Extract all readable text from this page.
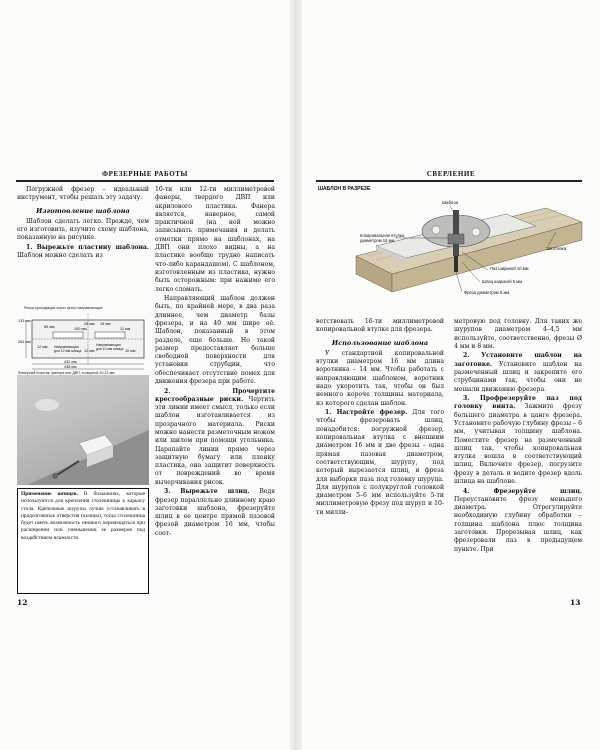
ФРЕЗЕРНЫЕ РАБОТЫ

Погружной фрезер – идеальный инструмент, чтобы решать эту задачу.

Изготовление шаблона

Шаблон сделать легко. Прежде, чем его изготовить, изучите схему шаблона, показанную на рисунке.

1. Вырежьте пластину шаблона. Шаблон можно сделать из

Риска проходящая через центр направляющих
133 мм
264 мм
89 мм
28 мм
100 мм
19 мм
11 мм
12 мм Направляющая для 12 мм шпица
Направляющая для 10 мм шпица
12 мм	10 мм
432 мм
438 мм
Фанерный пластик, фанера или ДВП, толщиной 10-12 мм

Применение шпицев. В большинах, которые используются для крепления столешницы к каркасу стола. Крепежные шурупы лучше устанавливать в продолговатые отверстия (шлицы), тогда столешница будет иметь возможность немного перемещаться при расширении или уменьшении ее размеров под воздействием влажности

10-ти или 12-ти миллиметровой фанеры, твердого ДВП или акрилового пластика. Фанера является, наверное, самой практичной (на ней можно записывать примечания и делать отметки прямо на шаблонах, на ДВП они плохо видны, а на пластике вообще трудно написать что-либо карандашом). С шаблоном, изготовленным из пластика, нужно быть осторожным: при нажиме его легко сломать.

Направляющий шаблон должен быть, по крайней мере, в два раза длиннее, чем диаметр базы фрезера, и на 40 мм шире её. Шаблон, показанный в этом разделе, еще больше. Но такой размер предоставляет больше свободной поверхности для установки струбцин, что обеспечивает отсутствие помех для движения фрезера при работе.

2. Прочертите крестообразные риски. Чертить эти линии имеет смысл, только если шаблон изготавливается из прозрачного материала. Риски можно нанести разметочным ножом или шилом при помощи угольника. Царапайте линии прямо через защитную бумагу или пленку пластика, она защитит поверхность от повреждений во время вычерчивания рисок.

3. Вырежьте шлиц. Ведя фрезер параллельно длинному краю заготовки шаблона, фрезеруйте шлиц в ее центре прямой пазовой фрезой диаметром 16 мм, чтобы соот-

12
СВЕРЛЕНИЕ
ШАБЛОН В РАЗРЕЗЕ
Шаблон
Копировальная втулка диаметром 16 мм
Заготовка
Паз шириной 10 мм
Шлиц шириной 5 мм
Фреза диаметром 5 мм

ветствовать 16-ти миллиметровой копировальной втулке для фрезера.

Использование шаблона

У стандартной копировальной втулки диаметром 16 мм длина воротника – 14 мм. Чтобы работать с направляющим шаблоном, воротник надо укоротить так, чтобы он был немного короче толщины материала, из которого сделан шаблон.

1. Настройте фрезер. Для того чтобы фрезеровать шлиц, понадобится: погружной фрезер, копировальная втулка с внешним диаметром 16 мм и две фрезы – одна прямая пазовая диаметром, соответствующим, шурупу, под который вырезается шлиц, и фреза для выборки паза под головку шурупа. Для шурупов с полукруглой головкой диаметром 5–6 мм используйте 5-ти миллиметровую фрезу под шуруп и 10-ти милли-

метровую под головку. Для таких же шурупов диаметром 4–4,5 мм используйте, соответственно, фрезы Ø 4 мм и 8 мм.

2. Установите шаблон на заготовке. Установите шаблон на размеченный шлиц и закрепите его струбцинами так, чтобы они не мешали движению фрезера.

3. Профрезеруйте паз под головку винта. Зажмите фрезу большего диаметра в цанге фрезера. Установите рабочую глубину фрезы – 6 мм, учитывая толщину шаблона. Поместите фрезер на размеченный шлиц так, чтобы копировальная втулка вошла в соответствующий шлиц. Включите фрезер, погрузите фрезу в деталь и ведите фрезер вдоль шлица на шаблоне.

4. Фрезеруйте шлиц. Переустановите фрезу меньшего диаметра. Отрегулируйте необходимую глубину обработки – толщина шаблона плюс толщина заготовки. Прорезывая шлиц, как фрезеровали паз в предыдущем пункте. При

13
